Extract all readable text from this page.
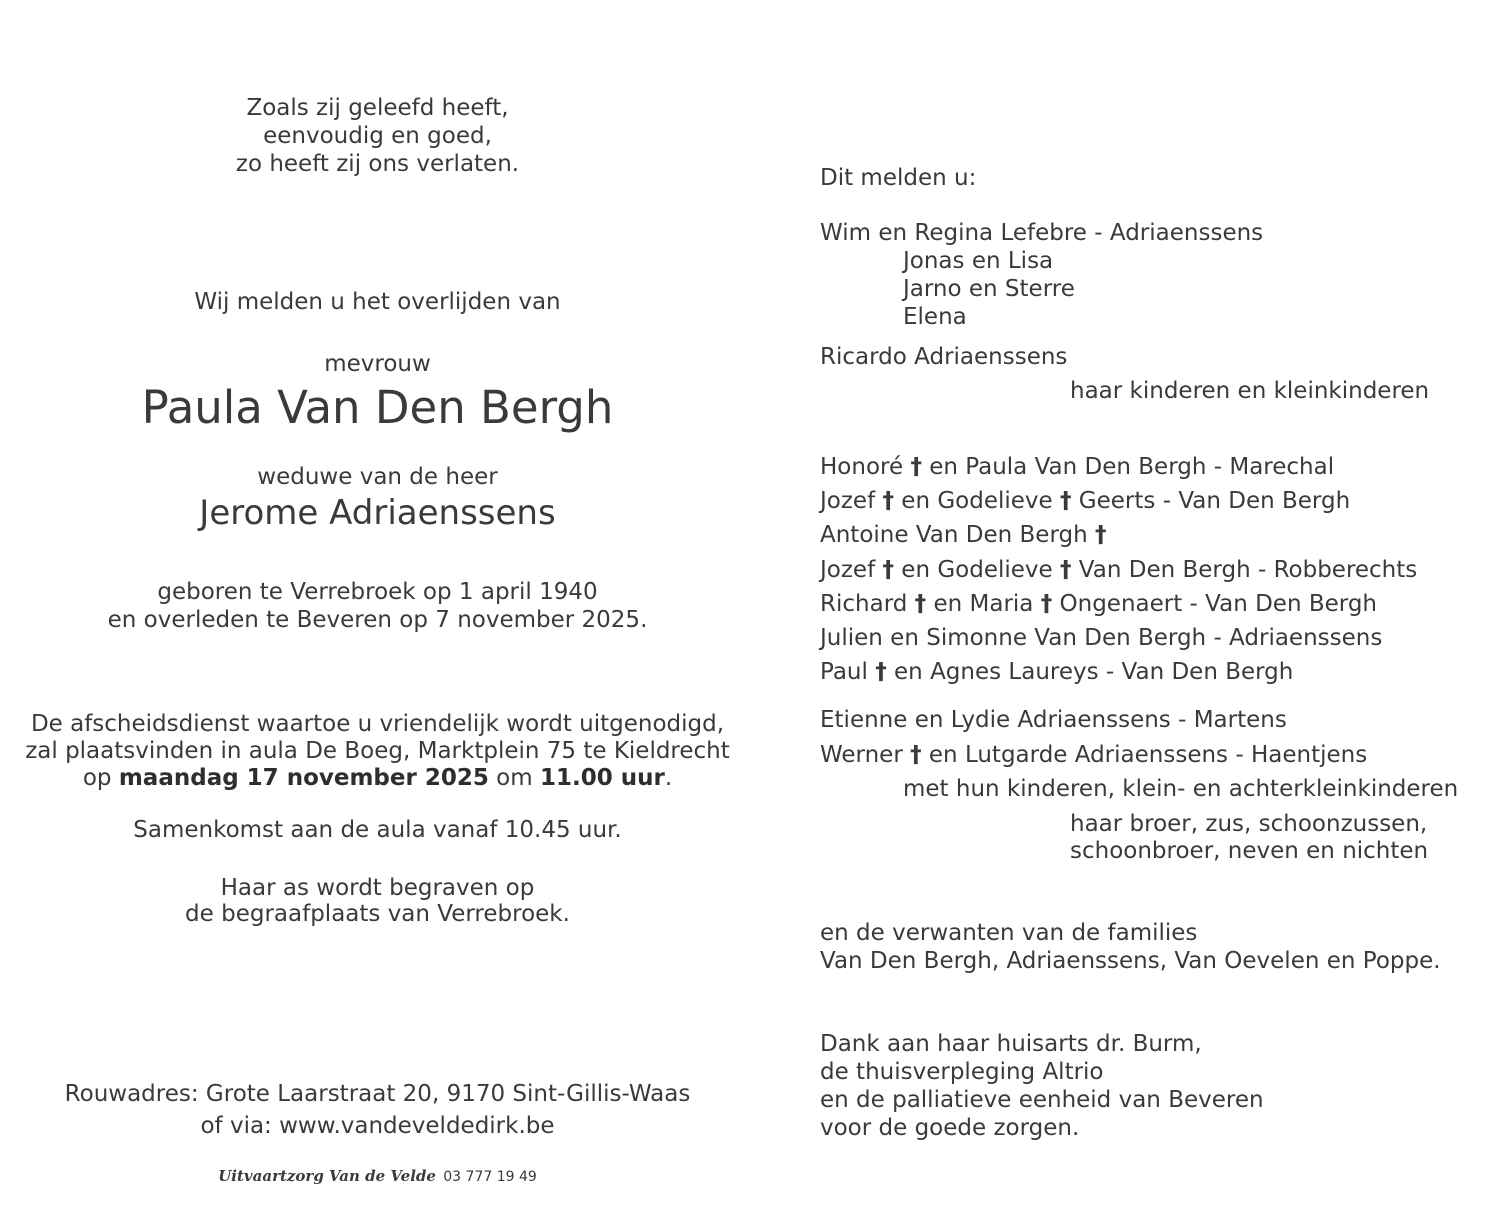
Zoals zij geleefd heeft,
eenvoudig en goed,
zo heeft zij ons verlaten.
Wij melden u het overlijden van
mevrouw
Paula Van Den Bergh
weduwe van de heer
Jerome Adriaenssens
geboren te Verrebroek op 1 april 1940
en overleden te Beveren op 7 november 2025.
De afscheidsdienst waartoe u vriendelijk wordt uitgenodigd,
zal plaatsvinden in aula De Boeg, Marktplein 75 te Kieldrecht
op maandag 17 november 2025 om 11.00 uur.
Samenkomst aan de aula vanaf 10.45 uur.
Haar as wordt begraven op
de begraafplaats van Verrebroek.
Rouwadres: Grote Laarstraat 20, 9170 Sint-Gillis-Waas
of via: www.vandeveldedirk.be
Uitvaartzorg Van de Velde 03 777 19 49
Dit melden u:
Wim en Regina Lefebre - Adriaenssens
Jonas en Lisa
Jarno en Sterre
Elena
Ricardo Adriaenssens
haar kinderen en kleinkinderen
Honoré † en Paula Van Den Bergh - Marechal
Jozef † en Godelieve † Geerts - Van Den Bergh
Antoine Van Den Bergh †
Jozef † en Godelieve † Van Den Bergh - Robberechts
Richard † en Maria † Ongenaert - Van Den Bergh
Julien en Simonne Van Den Bergh - Adriaenssens
Paul † en Agnes Laureys - Van Den Bergh
Etienne en Lydie Adriaenssens - Martens
Werner † en Lutgarde Adriaenssens - Haentjens
met hun kinderen, klein- en achterkleinkinderen
haar broer, zus, schoonzussen,
schoonbroer, neven en nichten
en de verwanten van de families
Van Den Bergh, Adriaenssens, Van Oevelen en Poppe.
Dank aan haar huisarts dr. Burm,
de thuisverpleging Altrio
en de palliatieve eenheid van Beveren
voor de goede zorgen.
